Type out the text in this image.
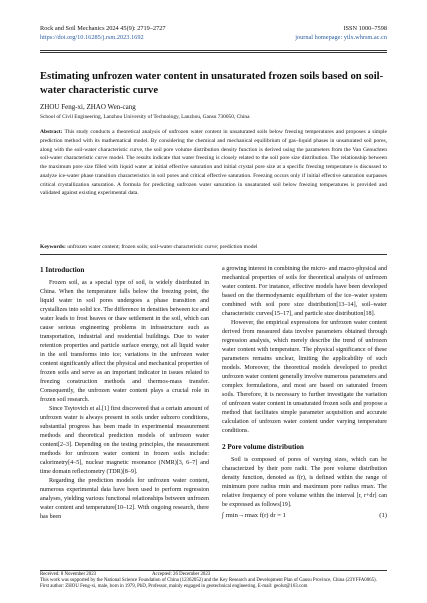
Rock and Soil Mechanics 2024 45(9): 2719–2727
https://doi.org/10.16285/j.rsm.2023.1692
ISSN 1000–7598
journal homepage: ytlx.whrsm.ac.cn
Estimating unfrozen water content in unsaturated frozen soils based on soil-water characteristic curve
ZHOU Feng-xi, ZHAO Wen-cang
School of Civil Engineering, Lanzhou University of Technology, Lanzhou, Gansu 730050, China
Abstract: This study conducts a theoretical analysis of unfrozen water content in unsaturated soils below freezing temperatures and proposes a simple prediction method with its mathematical model. By considering the chemical and mechanical equilibrium of gas–liquid phases in unsaturated soil pores, along with the soil-water characteristic curve, the soil pore volume distribution density function is derived using the parameters from the Van Genuchten soil-water characteristic curve model. The results indicate that water freezing is closely related to the soil pore size distribution. The relationship between the maximum pore size filled with liquid water at initial effective saturation and initial crystal pore size at a specific freezing temperature is discussed to analyze ice-water phase transition characteristics in soil pores and critical effective saturation. Freezing occurs only if initial effective saturation surpasses critical crystallization saturation. A formula for predicting unfrozen water saturation in unsaturated soil below freezing temperatures is provided and validated against existing experimental data.
Keywords: unfrozen water content; frozen soils; soil-water characteristic curve; prediction model
1 Introduction

Frozen soil, as a special type of soil, is widely distributed in China. When the temperature falls below the freezing point, the liquid water in soil pores undergoes a phase transition and crystallizes into solid ice. The difference in densities between ice and water leads to frost heaves or thaw settlement in the soil, which can cause serious engineering problems in infrastructure such as transportation, industrial and residential buildings. Due to water retention properties and particle surface energy, not all liquid water in the soil transforms into ice; variations in the unfrozen water content significantly affect the physical and mechanical properties of frozen soils and serve as an important indicator in issues related to freezing construction methods and thermos-mass transfer. Consequently, the unfrozen water content plays a crucial role in frozen soil research.

Since Tsytovich et al.[1] first discovered that a certain amount of unfrozen water is always present in soils under subzero conditions, substantial progress has been made in experimental measurement methods and theoretical prediction models of unfrozen water content[2–3]. Depending on the testing principles, the measurement methods for unfrozen water content in frozen soils include: calorimetry[4–5], nuclear magnetic resonance (NMR)[3, 6–7] and time domain reflectometry (TDR)[8–9].

Regarding the prediction models for unfrozen water content, numerous experimental data have been used to perform regression analyses, yielding various functional relationships between unfrozen water content and temperature[10–12]. With ongoing research, there has been

a growing interest in combining the micro- and macro-physical and mechanical properties of soils for theoretical analysis of unfrozen water content. For instance, effective models have been developed based on the thermodynamic equilibrium of the ice–water system combined with soil pore size distribution[13–14], soil–water characteristic curves[15–17], and particle size distribution[18].

However, the empirical expressions for unfrozen water content derived from measured data involve parameters obtained through regression analysis, which merely describe the trend of unfrozen water content with temperature. The physical significance of these parameters remains unclear, limiting the applicability of such models. Moreover, the theoretical models developed to predict unfrozen water content generally involve numerous parameters and complex formulations, and most are based on saturated frozen soils. Therefore, it is necessary to further investigate the variation of unfrozen water content in unsaturated frozen soils and propose a method that facilitates simple parameter acquisition and accurate calculation of unfrozen water content under varying temperature conditions.

2 Pore volume distribution

Soil is composed of pores of varying sizes, which can be characterized by their pore radii. The pore volume distribution density function, denoted as f(r), is defined within the range of minimum pore radius rmin and maximum pore radius rmax. The relative frequency of pore volume within the interval [r, r+dr] can be expressed as follows[19].

∫ rmin→rmax f(r) dr = 1	(1)
Received: 8 November 2023	Accepted: 26 December 2023
This work was supported by the National Science Foundation of China (12362052) and the Key Research and Development Plan of Gansu Province, China (23YFFA0065).
First author: ZHOU Feng-xi, male, born in 1979, PhD, Professor, mainly engaged in geotechnical engineering. E-mail: geolut@163.com
